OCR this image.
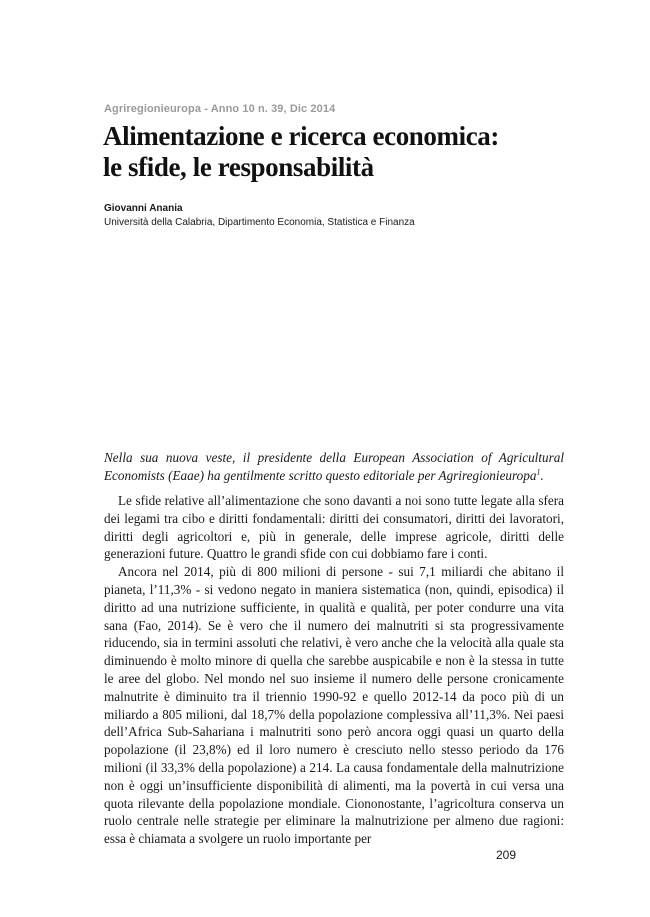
Agriregionieuropa - Anno 10 n. 39, Dic 2014
Alimentazione e ricerca economica:
le sfide, le responsabilità
Giovanni Anania
Università della Calabria, Dipartimento Economia, Statistica e Finanza

Nella sua nuova veste, il presidente della European Association of Agricultural Economists (Eaae) ha gentilmente scritto questo editoriale per Agriregionieuropa$^1$.

Le sfide relative all’alimentazione che sono davanti a noi sono tutte legate alla sfera dei legami tra cibo e diritti fondamentali: diritti dei consumatori, diritti dei lavoratori, diritti degli agricoltori e, più in generale, delle imprese agricole, diritti delle generazioni future. Quattro le grandi sfide con cui dobbiamo fare i conti.

Ancora nel 2014, più di 800 milioni di persone - sui 7,1 miliardi che abitano il pianeta, l’11,3% - si vedono negato in maniera sistematica (non, quindi, episodica) il diritto ad una nutrizione sufficiente, in qualità e qualità, per poter condurre una vita sana (Fao, 2014). Se è vero che il numero dei malnutriti si sta progressivamente riducendo, sia in termini assoluti che relativi, è vero anche che la velocità alla quale sta diminuendo è molto minore di quella che sarebbe auspicabile e non è la stessa in tutte le aree del globo. Nel mondo nel suo insieme il numero delle persone cronicamente malnutrite è diminuito tra il triennio 1990-92 e quello 2012-14 da poco più di un miliardo a 805 milioni, dal 18,7% della popolazione complessiva all’11,3%. Nei paesi dell’Africa Sub-Sahariana i malnutriti sono però ancora oggi quasi un quarto della popolazione (il 23,8%) ed il loro numero è cresciuto nello stesso periodo da 176 milioni (il 33,3% della popolazione) a 214. La causa fondamentale della malnutrizione non è oggi un’insufficiente disponibilità di alimenti, ma la povertà in cui versa una quota rilevante della popolazione mondiale. Ciononostante, l’agricoltura conserva un ruolo centrale nelle strategie per eliminare la malnutrizione per almeno due ragioni: essa è chiamata a svolgere un ruolo importante per

209
